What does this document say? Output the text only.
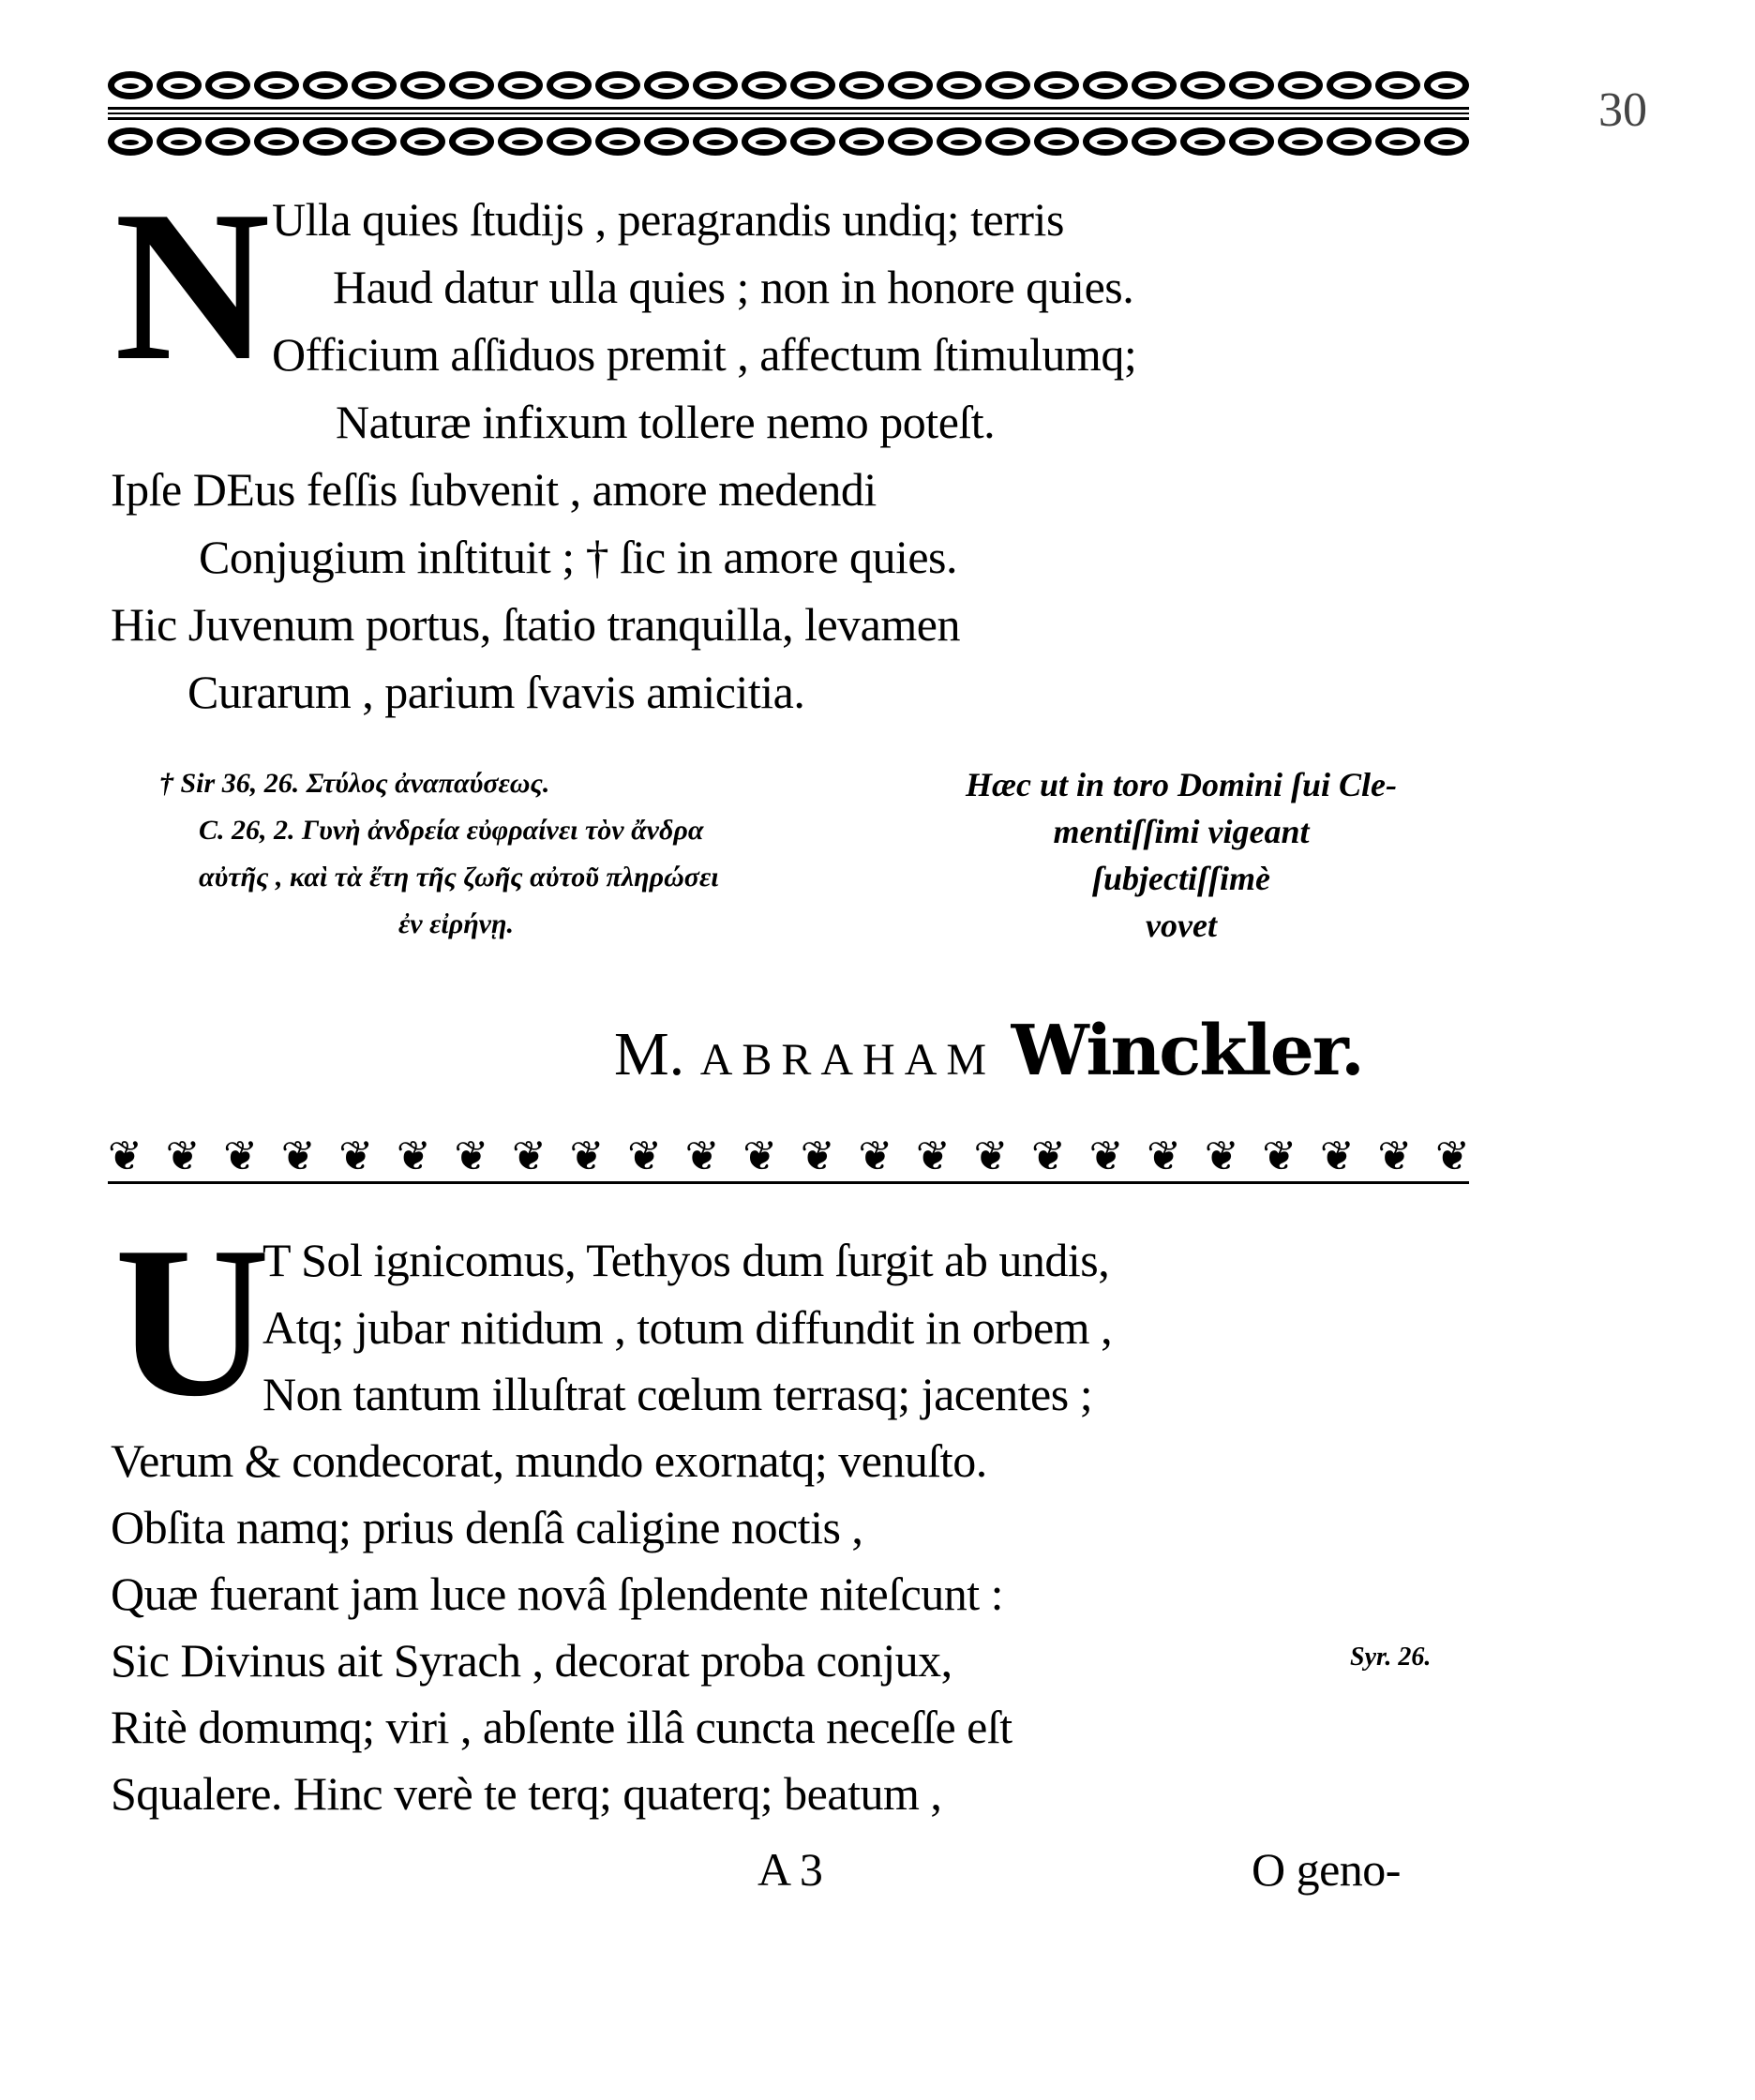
30
N Ulla quies ſtudijs , peragrandis undiq; terris
Haud datur ulla quies ; non in honore quies.
Officium aſſiduos premit , affectum ſtimulumq;
Naturæ infixum tollere nemo poteſt.
Ipſe DEus feſſis ſubvenit , amore medendi
Conjugium inſtituit ; † ſic in amore quies.
Hic Juvenum portus, ſtatio tranquilla, levamen
Curarum , parium ſvavis amicitia.
† Sir 36, 26. Στύλος ἀναπαύσεως.
C. 26, 2. Γυνὴ ἀνδρεία εὐφραίνει τὸν ἄνδρα
αὐτῆς , καὶ τὰ ἔτη τῆς ζωῆς αὐτοῦ πληρώσει
ἐν εἰρήνῃ.
Hæc ut in toro Domini ſui Cle-
mentiſſimi vigeant
ſubjectiſſimè
vovet
M. ABRAHAM Winckler.
❦ ❦ ❦ ❦ ❦ ❦ ❦ ❦ ❦ ❦ ❦ ❦ ❦ ❦ ❦ ❦ ❦ ❦ ❦ ❦ ❦ ❦ ❦ ❦
U
T Sol ignicomus, Tethyos dum ſurgit ab undis,
Atq; jubar nitidum , totum diffundit in orbem ,
Non tantum illuſtrat cœlum terrasq; jacentes ;
Verum & condecorat, mundo exornatq; venuſto.
Obſita namq; prius denſâ caligine noctis ,
Quæ fuerant jam luce novâ ſplendente niteſcunt :
Sic Divinus ait Syrach , decorat proba conjux,	Syr. 26.
Ritè domumq; viri , abſente illâ cuncta neceſſe eſt
Squalere. Hinc verè te terq; quaterq; beatum ,
A 3	O geno-
